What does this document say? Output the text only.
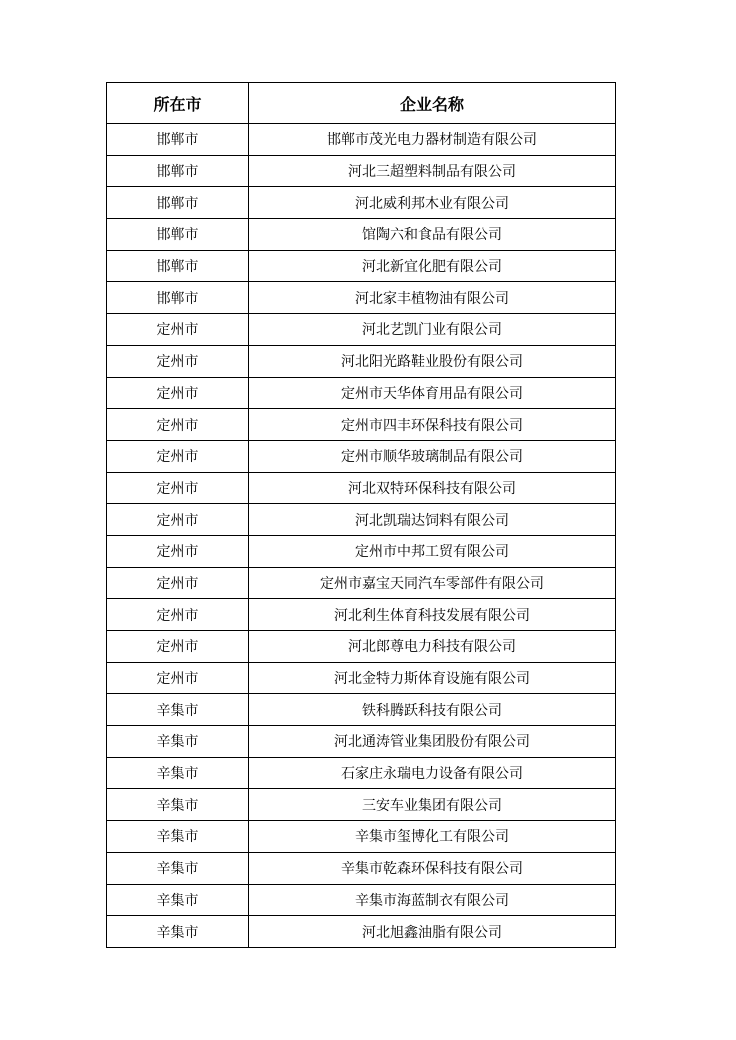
所在市	企业名称
邯郸市	邯郸市茂光电力器材制造有限公司
邯郸市	河北三超塑料制品有限公司
邯郸市	河北威利邦木业有限公司
邯郸市	馆陶六和食品有限公司
邯郸市	河北新宜化肥有限公司
邯郸市	河北家丰植物油有限公司
定州市	河北艺凯门业有限公司
定州市	河北阳光路鞋业股份有限公司
定州市	定州市天华体育用品有限公司
定州市	定州市四丰环保科技有限公司
定州市	定州市顺华玻璃制品有限公司
定州市	河北双特环保科技有限公司
定州市	河北凯瑞达饲料有限公司
定州市	定州市中邦工贸有限公司
定州市	定州市嘉宝天同汽车零部件有限公司
定州市	河北利生体育科技发展有限公司
定州市	河北郎尊电力科技有限公司
定州市	河北金特力斯体育设施有限公司
辛集市	铁科腾跃科技有限公司
辛集市	河北通涛管业集团股份有限公司
辛集市	石家庄永瑞电力设备有限公司
辛集市	三安车业集团有限公司
辛集市	辛集市玺博化工有限公司
辛集市	辛集市乾森环保科技有限公司
辛集市	辛集市海蓝制衣有限公司
辛集市	河北旭鑫油脂有限公司
